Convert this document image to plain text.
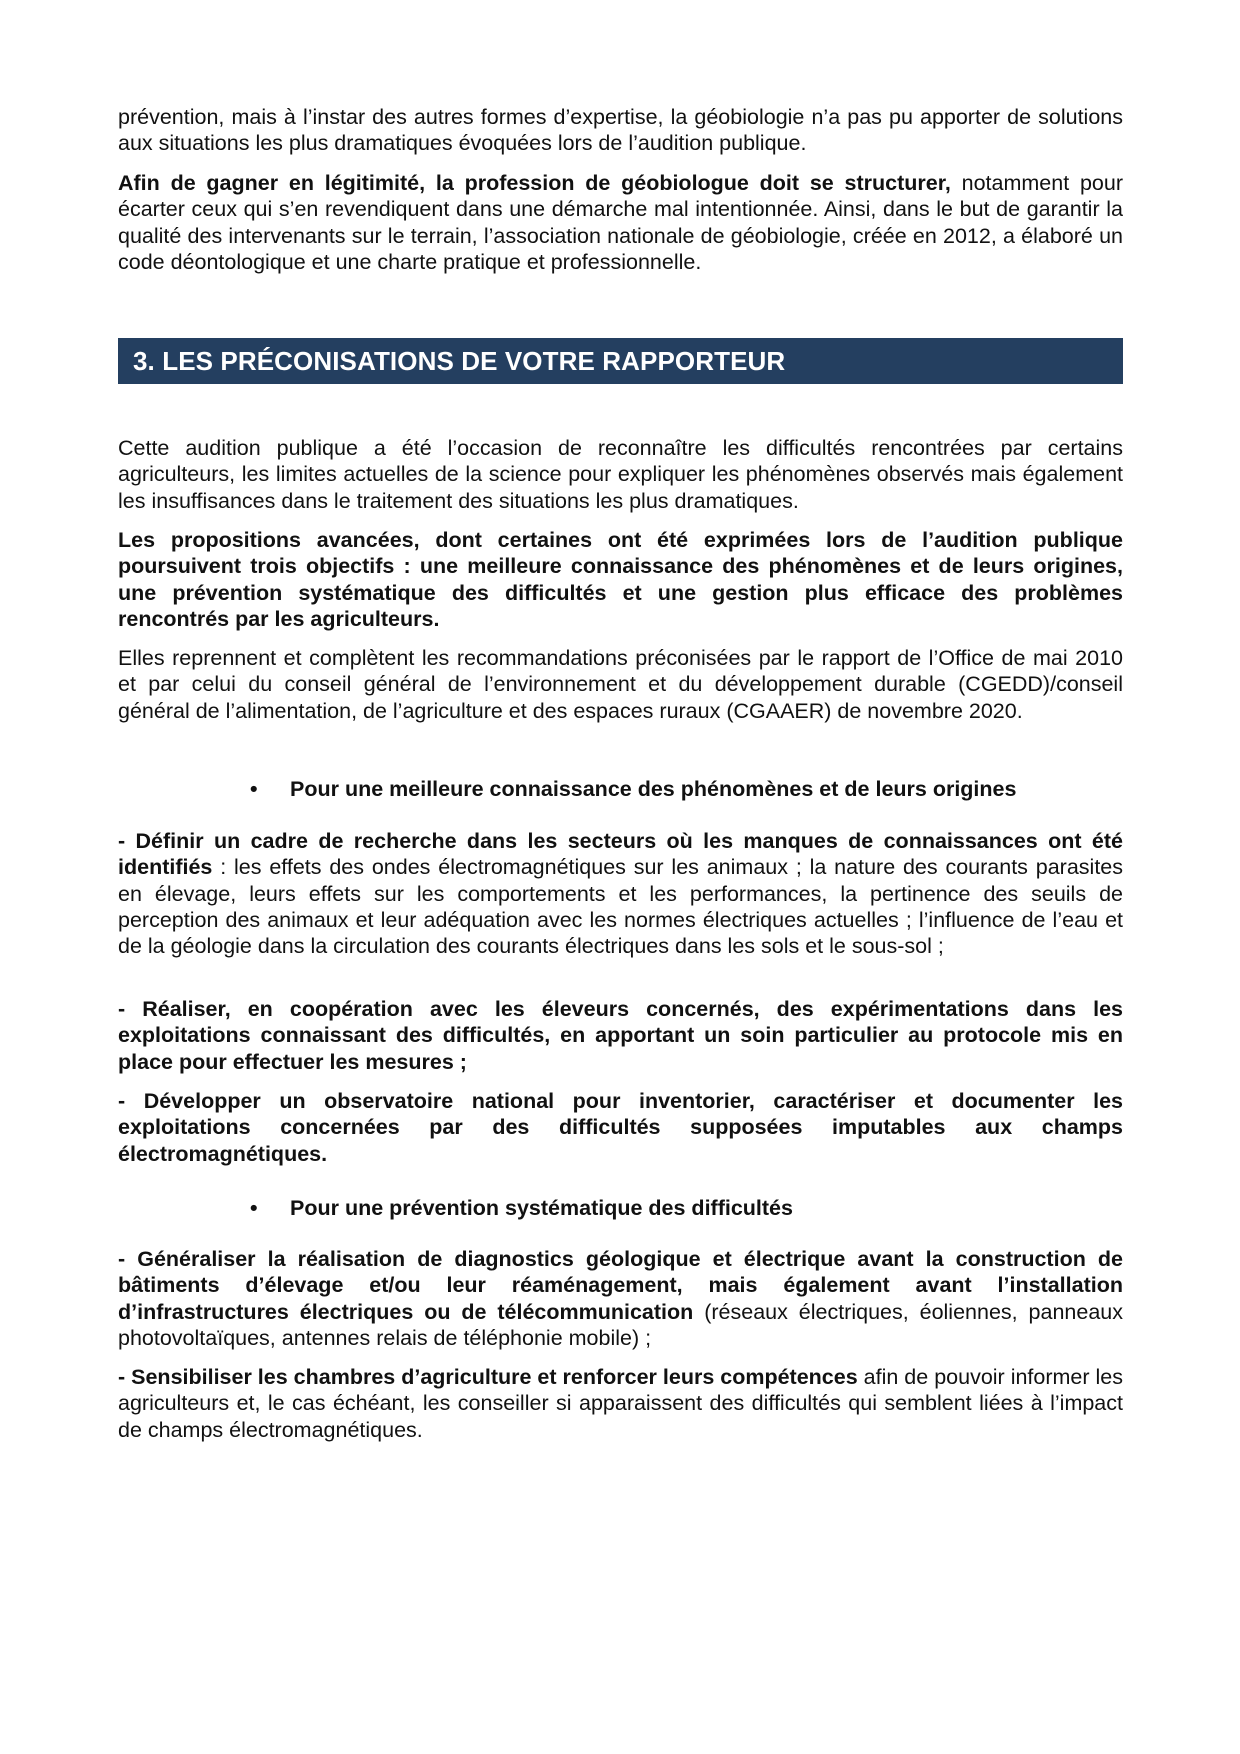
prévention, mais à l’instar des autres formes d’expertise, la géobiologie n’a pas pu apporter de solutions aux situations les plus dramatiques évoquées lors de l’audition publique.

Afin de gagner en légitimité, la profession de géobiologue doit se structurer, notamment pour écarter ceux qui s’en revendiquent dans une démarche mal intentionnée. Ainsi, dans le but de garantir la qualité des intervenants sur le terrain, l’association nationale de géobiologie, créée en 2012, a élaboré un code déontologique et une charte pratique et professionnelle.

3. LES PRÉCONISATIONS DE VOTRE RAPPORTEUR

Cette audition publique a été l’occasion de reconnaître les difficultés rencontrées par certains agriculteurs, les limites actuelles de la science pour expliquer les phénomènes observés mais également les insuffisances dans le traitement des situations les plus dramatiques.

Les propositions avancées, dont certaines ont été exprimées lors de l’audition publique poursuivent trois objectifs : une meilleure connaissance des phénomènes et de leurs origines, une prévention systématique des difficultés et une gestion plus efficace des problèmes rencontrés par les agriculteurs.

Elles reprennent et complètent les recommandations préconisées par le rapport de l’Office de mai 2010 et par celui du conseil général de l’environnement et du développement durable (CGEDD)/conseil général de l’alimentation, de l’agriculture et des espaces ruraux (CGAAER) de novembre 2020.

•	Pour une meilleure connaissance des phénomènes et de leurs origines

- Définir un cadre de recherche dans les secteurs où les manques de connaissances ont été identifiés : les effets des ondes électromagnétiques sur les animaux ; la nature des courants parasites en élevage, leurs effets sur les comportements et les performances, la pertinence des seuils de perception des animaux et leur adéquation avec les normes électriques actuelles ; l’influence de l’eau et de la géologie dans la circulation des courants électriques dans les sols et le sous-sol ;

- Réaliser, en coopération avec les éleveurs concernés, des expérimentations dans les exploitations connaissant des difficultés, en apportant un soin particulier au protocole mis en place pour effectuer les mesures ;

- Développer un observatoire national pour inventorier, caractériser et documenter les exploitations concernées par des difficultés supposées imputables aux champs électromagnétiques.

•	Pour une prévention systématique des difficultés

- Généraliser la réalisation de diagnostics géologique et électrique avant la construction de bâtiments d’élevage et/ou leur réaménagement, mais également avant l’installation d’infrastructures électriques ou de télécommunication (réseaux électriques, éoliennes, panneaux photovoltaïques, antennes relais de téléphonie mobile) ;

- Sensibiliser les chambres d’agriculture et renforcer leurs compétences afin de pouvoir informer les agriculteurs et, le cas échéant, les conseiller si apparaissent des difficultés qui semblent liées à l’impact de champs électromagnétiques.
